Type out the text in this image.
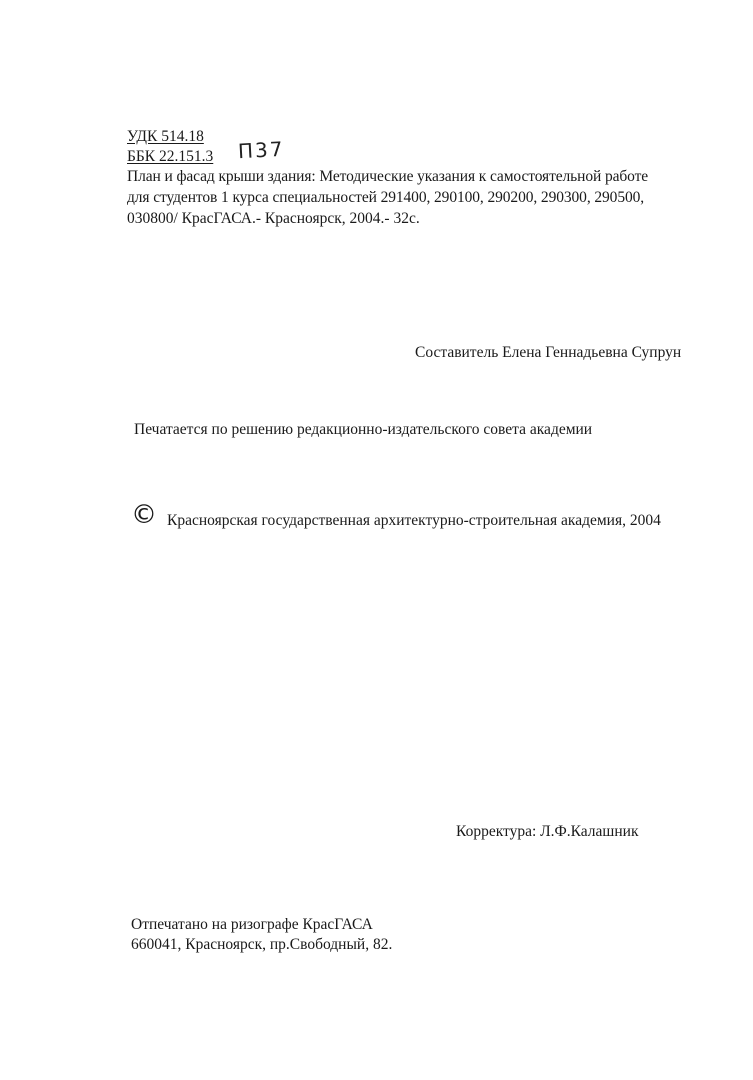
УДК 514.18
ББК 22.151.3 П37
План и фасад крыши здания: Методические указания к самостоятельной работе
для студентов 1 курса специальностей 291400, 290100, 290200, 290300, 290500,
030800/ КрасГАСА.- Красноярск, 2004.- 32с.
Составитель Елена Геннадьевна Супрун
Печатается по решению редакционно-издательского совета академии
© Красноярская государственная архитектурно-строительная академия, 2004
Корректура: Л.Ф.Калашник
Отпечатано на ризографе КрасГАСА
660041, Красноярск, пр.Свободный, 82.
